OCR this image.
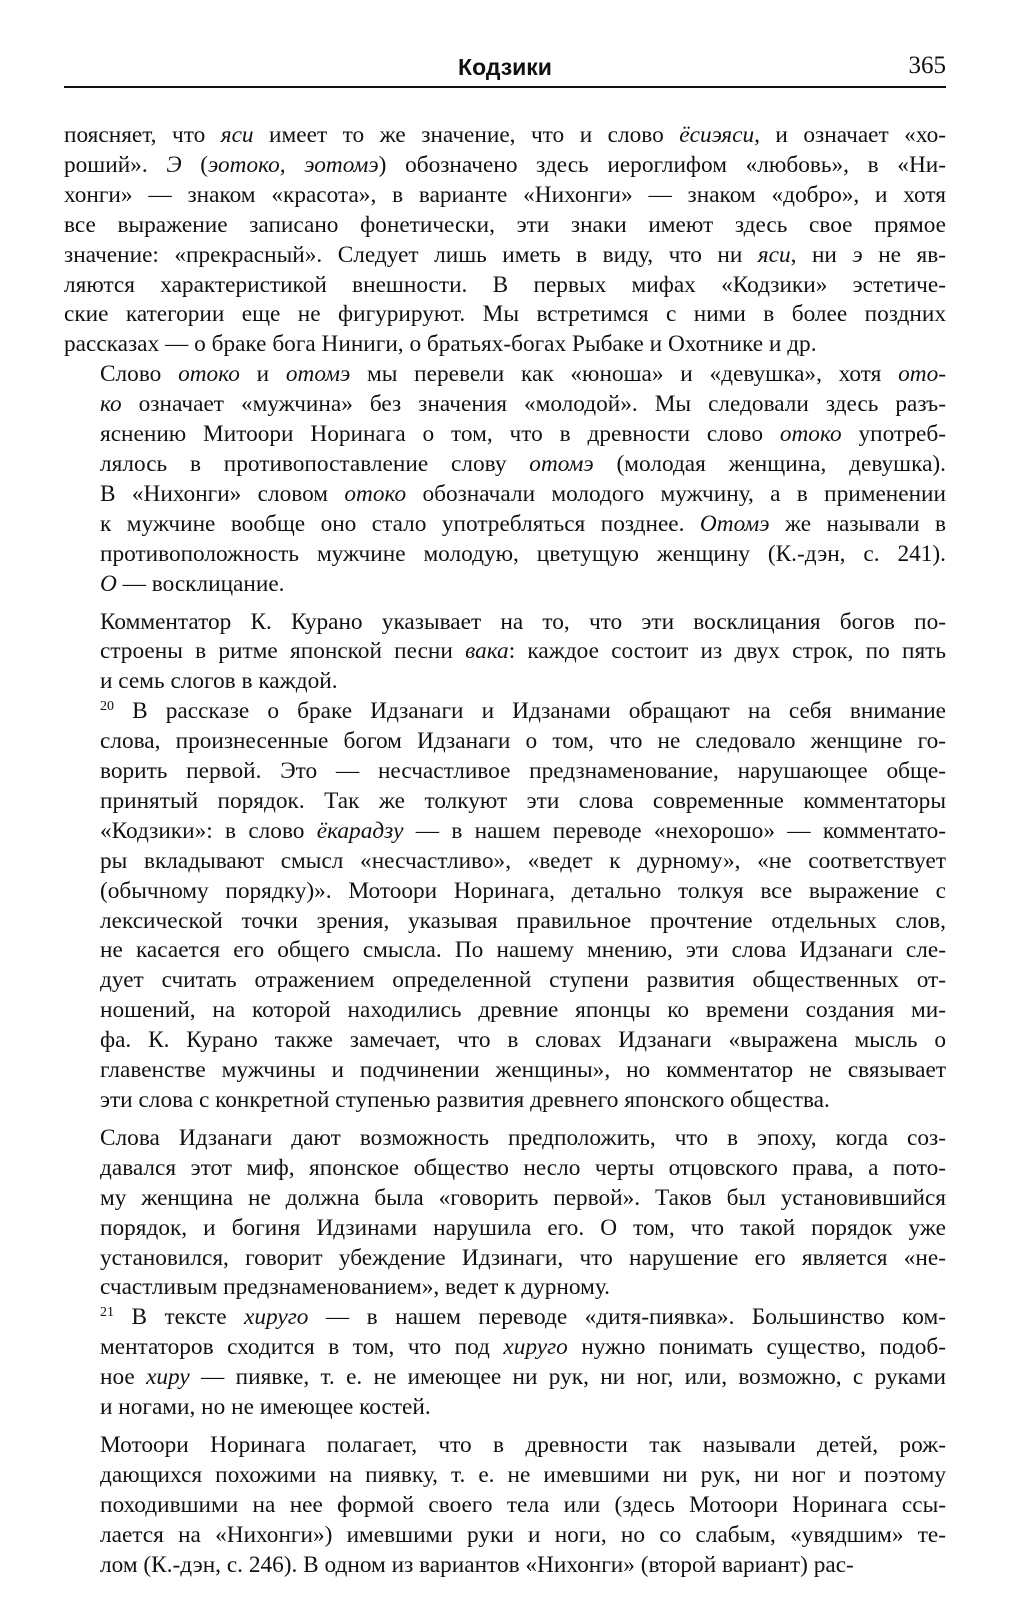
Кодзики	365

поясняет, что яси имеет то же значение, что и слово ёсиэяси, и означает «хо-
роший». Э (эотоко, эотомэ) обозначено здесь иероглифом «любовь», в «Ни-
хонги» — знаком «красота», в варианте «Нихонги» — знаком «добро», и хотя
все выражение записано фонетически, эти знаки имеют здесь свое прямое
значение: «прекрасный». Следует лишь иметь в виду, что ни яси, ни э не яв-
ляются характеристикой внешности. В первых мифах «Кодзики» эстетиче-
ские категории еще не фигурируют. Мы встретимся с ними в более поздних
рассказах — о браке бога Ниниги, о братьях-богах Рыбаке и Охотнике и др.

Слово отоко и отомэ мы перевели как «юноша» и «девушка», хотя ото-
ко означает «мужчина» без значения «молодой». Мы следовали здесь разъ-
яснению Митоори Норинага о том, что в древности слово отоко употреб-
лялось в противопоставление слову отомэ (молодая женщина, девушка).
В «Нихонги» словом отоко обозначали молодого мужчину, а в применении
к мужчине вообще оно стало употребляться позднее. Отомэ же называли в
противоположность мужчине молодую, цветущую женщину (К.-дэн, с. 241).
О — восклицание.

Комментатор К. Курано указывает на то, что эти восклицания богов по-
строены в ритме японской песни вака: каждое состоит из двух строк, по пять
и семь слогов в каждой.

$^{20}$ В рассказе о браке Идзанаги и Идзанами обращают на себя внимание
слова, произнесенные богом Идзанаги о том, что не следовало женщине го-
ворить первой. Это — несчастливое предзнаменование, нарушающее обще-
принятый порядок. Так же толкуют эти слова современные комментаторы
«Кодзики»: в слово ёкарадзу — в нашем переводе «нехорошо» — комментато-
ры вкладывают смысл «несчастливо», «ведет к дурному», «не соответствует
(обычному порядку)». Мотоори Норинага, детально толкуя все выражение с
лексической точки зрения, указывая правильное прочтение отдельных слов,
не касается его общего смысла. По нашему мнению, эти слова Идзанаги сле-
дует считать отражением определенной ступени развития общественных от-
ношений, на которой находились древние японцы ко времени создания ми-
фа. К. Курано также замечает, что в словах Идзанаги «выражена мысль о
главенстве мужчины и подчинении женщины», но комментатор не связывает
эти слова с конкретной ступенью развития древнего японского общества.

Слова Идзанаги дают возможность предположить, что в эпоху, когда соз-
давался этот миф, японское общество несло черты отцовского права, а пото-
му женщина не должна была «говорить первой». Таков был установившийся
порядок, и богиня Идзинами нарушила его. О том, что такой порядок уже
установился, говорит убеждение Идзинаги, что нарушение его является «не-
счастливым предзнаменованием», ведет к дурному.

$^{21}$ В тексте хируго — в нашем переводе «дитя-пиявка». Большинство ком-
ментаторов сходится в том, что под хируго нужно понимать существо, подоб-
ное хиру — пиявке, т. е. не имеющее ни рук, ни ног, или, возможно, с руками
и ногами, но не имеющее костей.

Мотоори Норинага полагает, что в древности так называли детей, рож-
дающихся похожими на пиявку, т. е. не имевшими ни рук, ни ног и поэтому
походившими на нее формой своего тела или (здесь Мотоори Норинага ссы-
лается на «Нихонги») имевшими руки и ноги, но со слабым, «увядшим» те-
лом (К.-дэн, с. 246). В одном из вариантов «Нихонги» (второй вариант) рас-
